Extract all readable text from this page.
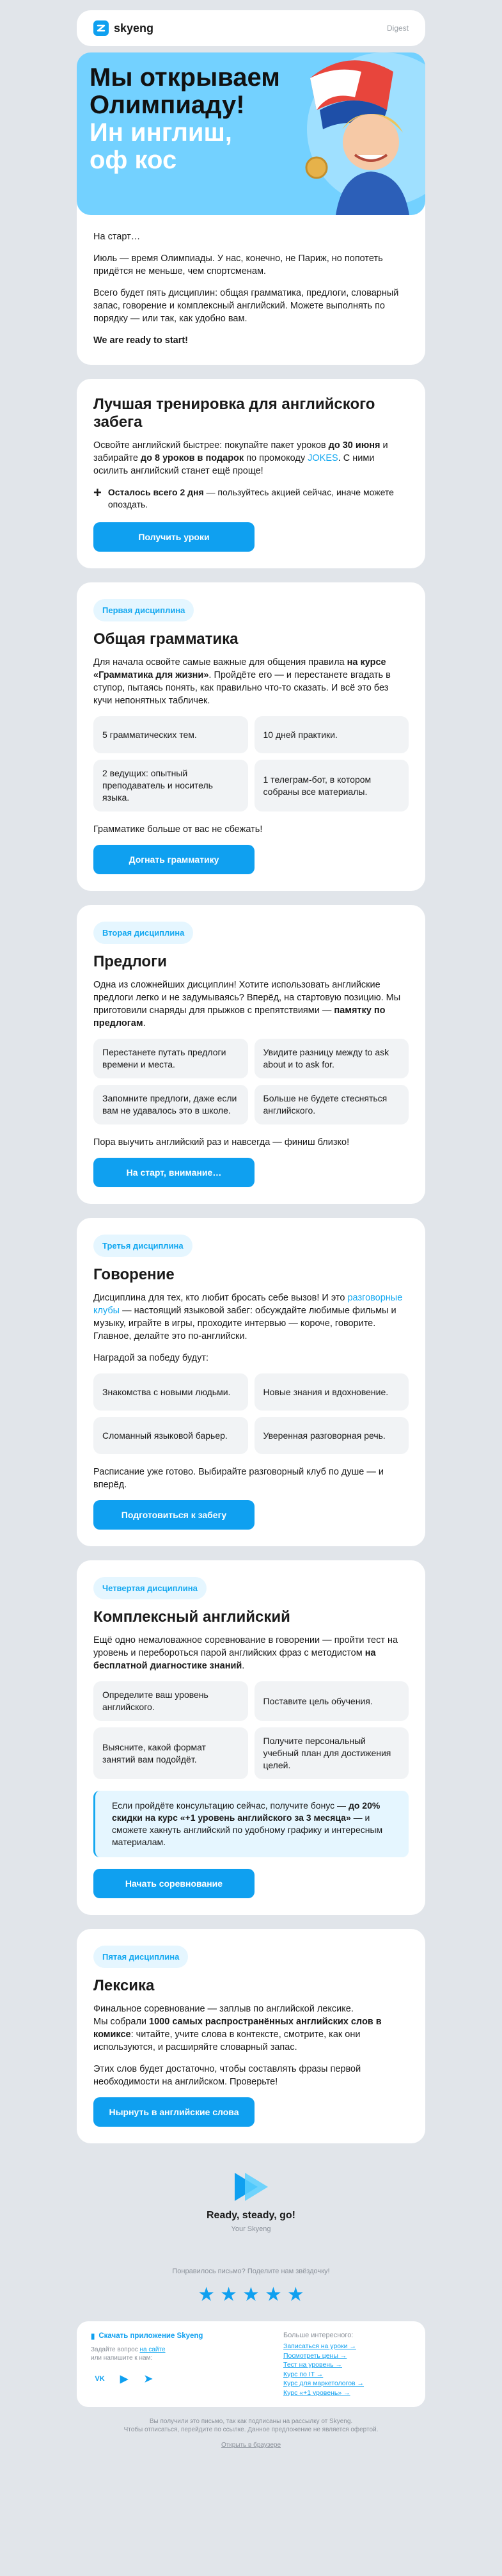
skyeng	Digest
Мы открываем
Олимпиаду!
Ин инглиш,
оф кос

На старт…

Июль — время Олимпиады. У нас, конечно, не Париж, но попотеть придётся не меньше, чем спортсменам.

Всего будет пять дисциплин: общая грамматика, предлоги, словарный запас, говорение и комплексный английский. Можете выполнять по порядку — или так, как удобно вам.

We are ready to start!

Лучшая тренировка для английского забега

Освойте английский быстрее: покупайте пакет уроков до 30 июня и забирайте до 8 уроков в подарок по промокоду JOKES. С ними осилить английский станет ещё проще!

+ Осталось всего 2 дня — пользуйтесь акцией сейчас, иначе можете опоздать.
Получить уроки
Первая дисциплина
Общая грамматика

Для начала освойте самые важные для общения правила на курсе «Грамматика для жизни». Пройдёте его — и перестанете вгадать в ступор, пытаясь понять, как правильно что-то сказать. И всё это без кучи непонятных табличек.

5 грамматических тем.	10 дней практики.
2 ведущих: опытный преподаватель и носитель языка.
1 телеграм-бот, в котором собраны все материалы.

Грамматике больше от вас не сбежать!

Догнать грамматику
Вторая дисциплина
Предлоги

Одна из сложнейших дисциплин! Хотите использовать английские предлоги легко и не задумываясь? Вперёд, на стартовую позицию. Мы приготовили снаряды для прыжков с препятствиями — памятку по предлогам.

Перестанете путать предлоги времени и места.
Увидите разницу между to ask about и to ask for.
Запомните предлоги, даже если вам не удавалось это в школе.
Больше не будете стесняться английского.

Пора выучить английский раз и навсегда — финиш близко!

На старт, внимание…
Третья дисциплина
Говорение

Дисциплина для тех, кто любит бросать себе вызов! И это разговорные клубы — настоящий языковой забег: обсуждайте любимые фильмы и музыку, играйте в игры, проходите интервью — короче, говорите. Главное, делайте это по-английски.

Наградой за победу будут:

Знакомства с новыми людьми.	Новые знания и вдохновение.
Сломанный языковой барьер.	Уверенная разговорная речь.

Расписание уже готово. Выбирайте разговорный клуб по душе — и вперёд.

Подготовиться к забегу
Четвертая дисциплина
Комплексный английский

Ещё одно немаловажное соревнование в говорении — пройти тест на уровень и перебороться парой английских фраз с методистом на бесплатной диагностике знаний.

Определите ваш уровень английского.
Поставите цель обучения.
Выясните, какой формат занятий вам подойдёт.
Получите персональный учебный план для достижения целей.
Если пройдёте консультацию сейчас, получите бонус — до 20% скидки на курс «+1 уровень английского за 3 месяца» — и сможете хакнуть английский по удобному графику и интересным материалам.
Начать соревнование
Пятая дисциплина
Лексика

Финальное соревнование — заплыв по английской лексике.

Мы собрали 1000 самых распространённых английских слов в комиксе: читайте, учите слова в контексте, смотрите, как они используются, и расширяйте словарный запас.

Этих слов будет достаточно, чтобы составлять фразы первой необходимости на английском. Проверьте!

Нырнуть в английские слова
Ready, steady, go!
Your Skyeng
Понравилось письмо? Поделите нам звёздочку!
★ ★ ★ ★ ★
▮ Скачать приложение Skyeng
Задайте вопрос на сайте
или напишите к нам:
VK	▶	➤
Больше интересного:
Записаться на уроки →
Посмотреть цены →
Тест на уровень →
Курс по IT →
Курс для маркетологов →
Курс «+1 уровень» →
Вы получили это письмо, так как подписаны на рассылку от Skyeng.
Чтобы отписаться, перейдите по ссылке. Данное предложение не является офертой.
Открыть в браузере
